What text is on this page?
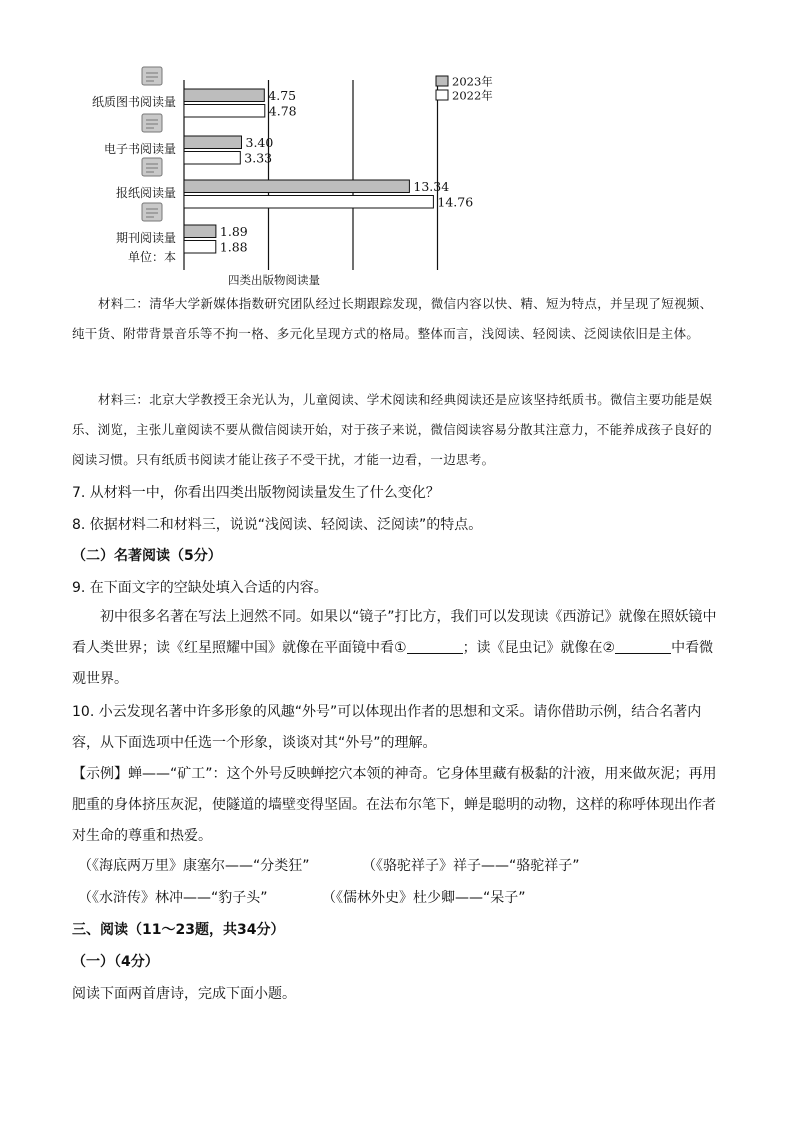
纸质图书阅读量
电子书阅读量
报纸阅读量
期刊阅读量
4.75
3.40
13.34
1.89
4.78
3.33
14.76
1.88
2023年
2022年
单位：本
四类出版物阅读量
材料二：清华大学新媒体指数研究团队经过长期跟踪发现，微信内容以快、精、短为特点，并呈现了短视频、纯干货、附带背景音乐等不拘一格、多元化呈现方式的格局。整体而言，浅阅读、轻阅读、泛阅读依旧是主体。
材料三：北京大学教授王余光认为，儿童阅读、学术阅读和经典阅读还是应该坚持纸质书。微信主要功能是娱乐、浏览，主张儿童阅读不要从微信阅读开始，对于孩子来说，微信阅读容易分散其注意力，不能养成孩子良好的阅读习惯。只有纸质书阅读才能让孩子不受干扰，才能一边看，一边思考。
7. 从材料一中，你看出四类出版物阅读量发生了什么变化？
8. 依据材料二和材料三，说说“浅阅读、轻阅读、泛阅读”的特点。
（二）名著阅读（5分）
9. 在下面文字的空缺处填入合适的内容。
初中很多名著在写法上迥然不同。如果以“镜子”打比方，我们可以发现读《西游记》就像在照妖镜中看人类世界；读《红星照耀中国》就像在平面镜中看①	；读《昆虫记》就像在②	中看微观世界。
10. 小云发现名著中许多形象的风趣“外号”可以体现出作者的思想和文采。请你借助示例，结合名著内容，从下面选项中任选一个形象，谈谈对其“外号”的理解。
【示例】蝉——“矿工”：这个外号反映蝉挖穴本领的神奇。它身体里藏有极黏的汁液，用来做灰泥；再用肥重的身体挤压灰泥，使隧道的墙壁变得坚固。在法布尔笔下，蝉是聪明的动物，这样的称呼体现出作者对生命的尊重和热爱。
（《海底两万里》康塞尔——“分类狂”	（《骆驼祥子》祥子——“骆驼祥子”
（《水浒传》林冲——“豹子头”	（《儒林外史》杜少卿——“呆子”
三、阅读（11～23题，共34分）
（一）（4分）
阅读下面两首唐诗，完成下面小题。
